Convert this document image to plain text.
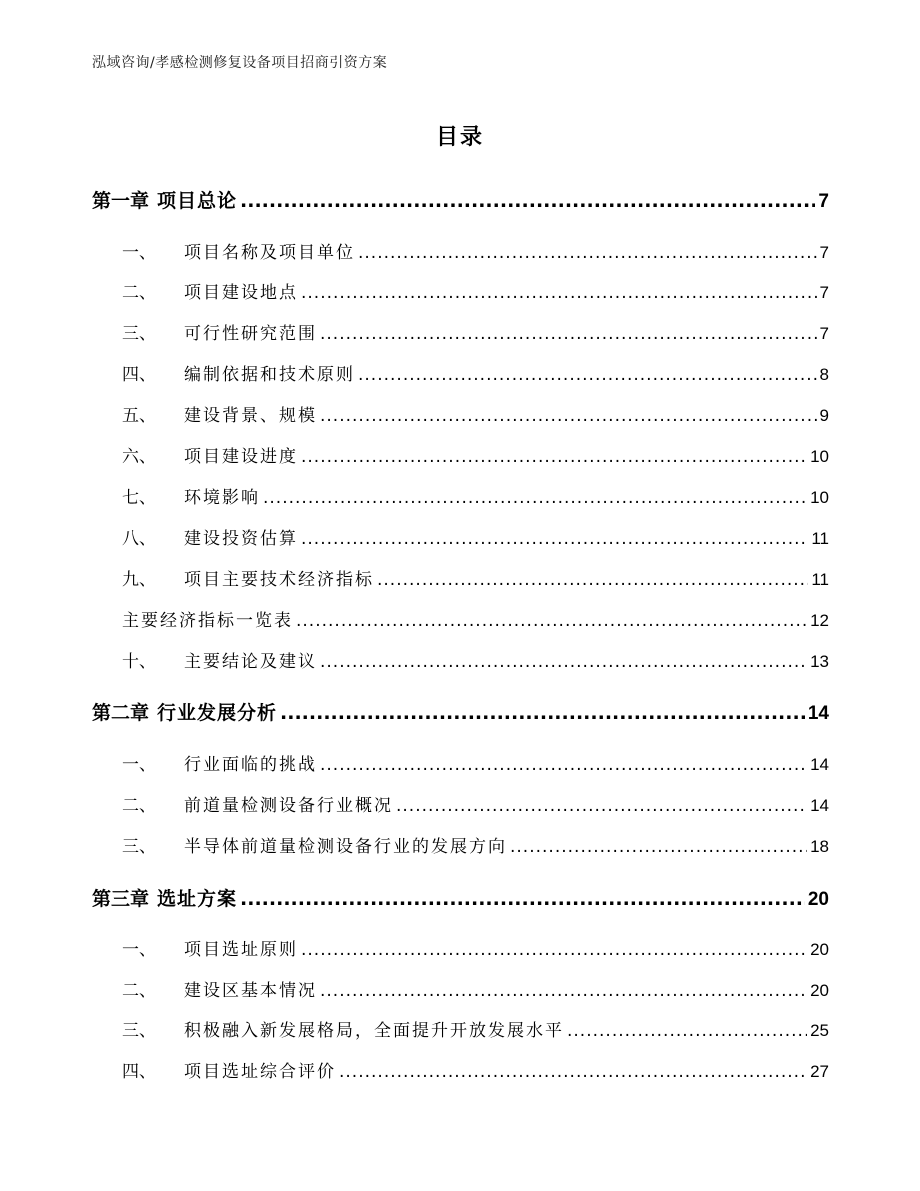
泓域咨询/孝感检测修复设备项目招商引资方案
目录
第一章 项目总论 .....	7
一、 项目名称及项目单位 .....	7
二、 项目建设地点 .....	7
三、 可行性研究范围 .....	7
四、 编制依据和技术原则 .....	8
五、 建设背景、规模 .....	9
六、 项目建设进度 .....	10
七、 环境影响 .....	10
八、 建设投资估算 .....	11
九、 项目主要技术经济指标 .....	11
主要经济指标一览表 .....	12
十、 主要结论及建议 .....	13
第二章 行业发展分析 .....	14
一、 行业面临的挑战 .....	14
二、 前道量检测设备行业概况 .....	14
三、 半导体前道量检测设备行业的发展方向 .....	18
第三章 选址方案 .....	20
一、 项目选址原则 .....	20
二、 建设区基本情况 .....	20
三、 积极融入新发展格局，全面提升开放发展水平 .....	25
四、 项目选址综合评价 .....	27
